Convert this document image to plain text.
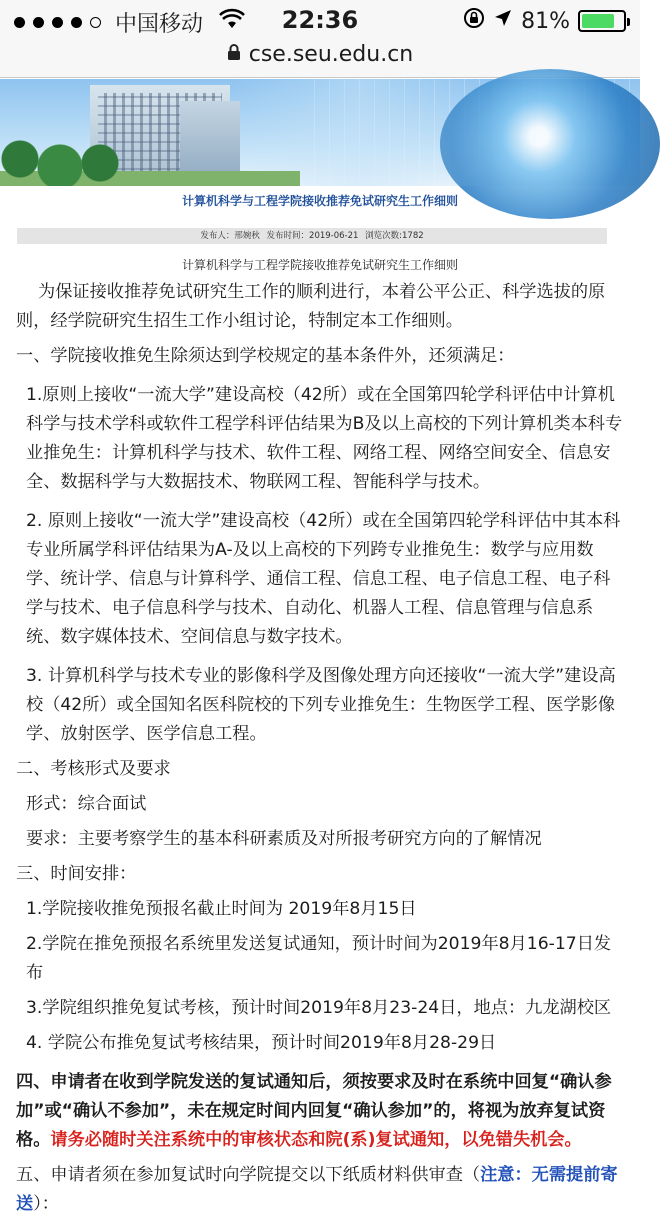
中国移动	22:36	81%
cse.seu.edu.cn
计算机科学与工程学院接收推荐免试研究生工作细则
发布人：邢婉秋 发布时间：2019-06-21 浏览次数:1782
计算机科学与工程学院接收推荐免试研究生工作细则

为保证接收推荐免试研究生工作的顺利进行，本着公平公正、科学选拔的原则，经学院研究生招生工作小组讨论，特制定本工作细则。

一、学院接收推免生除须达到学校规定的基本条件外，还须满足：

1.原则上接收“一流大学”建设高校（42所）或在全国第四轮学科评估中计算机科学与技术学科或软件工程学科评估结果为B及以上高校的下列计算机类本科专业推免生：计算机科学与技术、软件工程、网络工程、网络空间安全、信息安全、数据科学与大数据技术、物联网工程、智能科学与技术。

2. 原则上接收“一流大学”建设高校（42所）或在全国第四轮学科评估中其本科专业所属学科评估结果为A-及以上高校的下列跨专业推免生：数学与应用数学、统计学、信息与计算科学、通信工程、信息工程、电子信息工程、电子科学与技术、电子信息科学与技术、自动化、机器人工程、信息管理与信息系统、数字媒体技术、空间信息与数字技术。

3. 计算机科学与技术专业的影像科学及图像处理方向还接收“一流大学”建设高校（42所）或全国知名医科院校的下列专业推免生：生物医学工程、医学影像学、放射医学、医学信息工程。

二、考核形式及要求

形式：综合面试

要求：主要考察学生的基本科研素质及对所报考研究方向的了解情况

三、时间安排：

1.学院接收推免预报名截止时间为 2019年8月15日

2.学院在推免预报名系统里发送复试通知，预计时间为2019年8月16-17日发布

3.学院组织推免复试考核，预计时间2019年8月23-24日，地点：九龙湖校区

4. 学院公布推免复试考核结果，预计时间2019年8月28-29日

四、申请者在收到学院发送的复试通知后，须按要求及时在系统中回复“确认参加”或“确认不参加”，未在规定时间内回复“确认参加”的，将视为放弃复试资格。请务必随时关注系统中的审核状态和院(系)复试通知，以免错失机会。

五、申请者须在参加复试时向学院提交以下纸质材料供审查（注意：无需提前寄送）：
